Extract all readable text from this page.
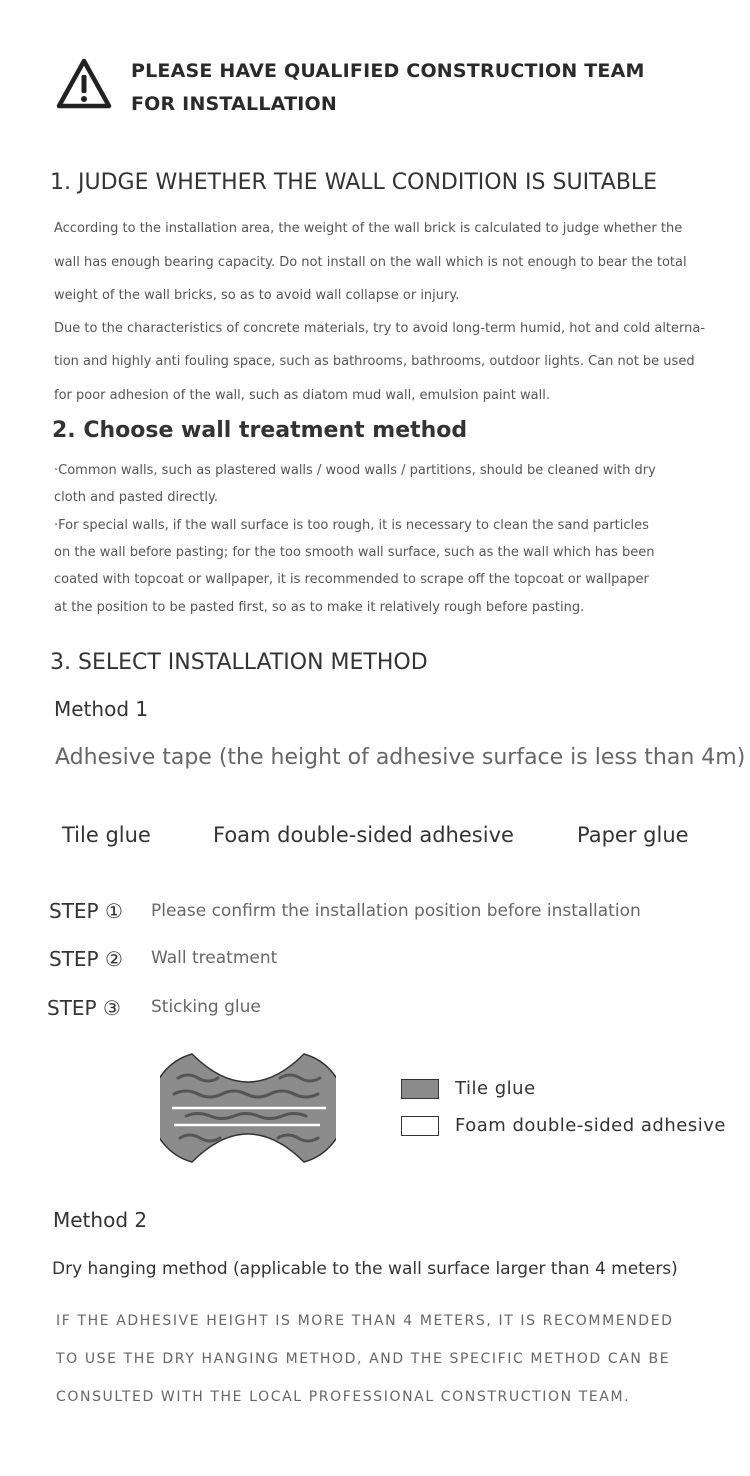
PLEASE HAVE QUALIFIED CONSTRUCTION TEAM
FOR INSTALLATION
1. JUDGE WHETHER THE WALL CONDITION IS SUITABLE
According to the installation area, the weight of the wall brick is calculated to judge whether the
wall has enough bearing capacity. Do not install on the wall which is not enough to bear the total
weight of the wall bricks, so as to avoid wall collapse or injury.
Due to the characteristics of concrete materials, try to avoid long-term humid, hot and cold alterna-
tion and highly anti fouling space, such as bathrooms, bathrooms, outdoor lights. Can not be used
for poor adhesion of the wall, such as diatom mud wall, emulsion paint wall.
2. Choose wall treatment method
·Common walls, such as plastered walls / wood walls / partitions, should be cleaned with dry
cloth and pasted directly.
·For special walls, if the wall surface is too rough, it is necessary to clean the sand particles
on the wall before pasting; for the too smooth wall surface, such as the wall which has been
coated with topcoat or wallpaper, it is recommended to scrape off the topcoat or wallpaper
at the position to be pasted first, so as to make it relatively rough before pasting.
3. SELECT INSTALLATION METHOD
Method 1
Adhesive tape (the height of adhesive surface is less than 4m)
Tile glue	Foam double-sided adhesive	Paper glue
STEP ① Please confirm the installation position before installation
STEP ② Wall treatment
STEP ③ Sticking glue
Tile glue
Foam double-sided adhesive
Method 2
Dry hanging method (applicable to the wall surface larger than 4 meters)
IF THE ADHESIVE HEIGHT IS MORE THAN 4 METERS, IT IS RECOMMENDED
TO USE THE DRY HANGING METHOD, AND THE SPECIFIC METHOD CAN BE
CONSULTED WITH THE LOCAL PROFESSIONAL CONSTRUCTION TEAM.
